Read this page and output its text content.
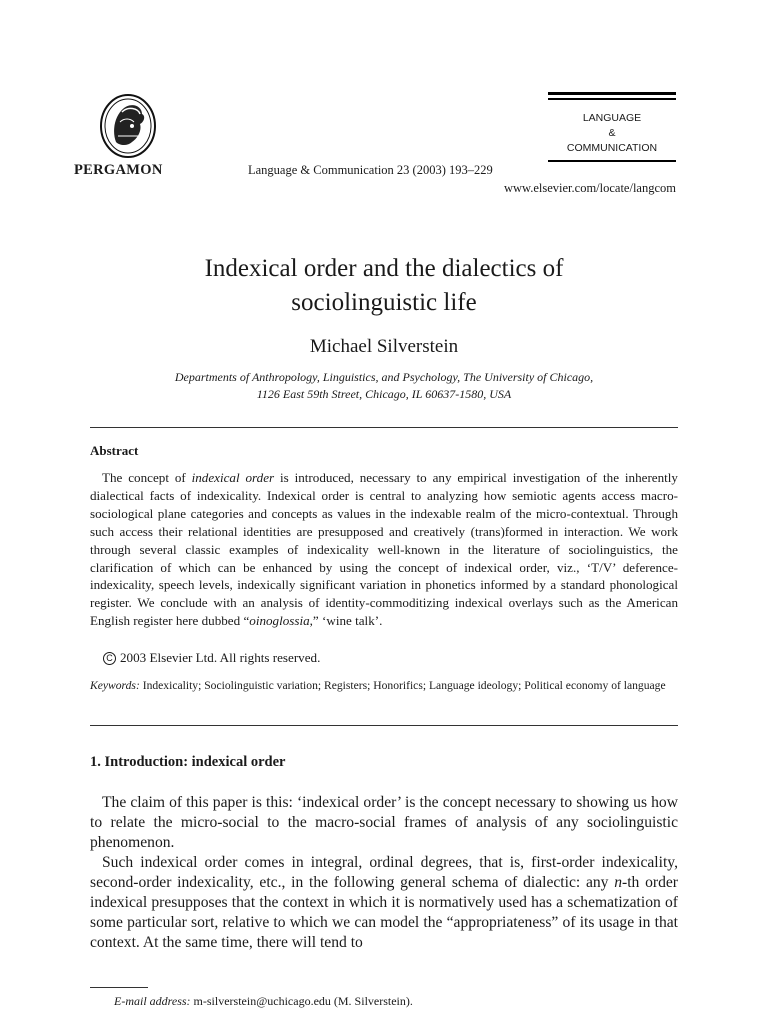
PERGAMON	Language & Communication 23 (2003) 193–229
www.elsevier.com/locate/langcom
LANGUAGE
&
COMMUNICATION
Indexical order and the dialectics of
sociolinguistic life
Michael Silverstein
Departments of Anthropology, Linguistics, and Psychology, The University of Chicago,
1126 East 59th Street, Chicago, IL 60637-1580, USA
Abstract
The concept of indexical order is introduced, necessary to any empirical investigation of the inherently dialectical facts of indexicality. Indexical order is central to analyzing how semiotic agents access macro-sociological plane categories and concepts as values in the indexable realm of the micro-contextual. Through such access their relational identities are presupposed and creatively (trans)formed in interaction. We work through several classic examples of indexicality well-known in the literature of sociolinguistics, the clarification of which can be enhanced by using the concept of indexical order, viz., ‘T/V’ deference-indexicality, speech levels, indexically significant variation in phonetics informed by a standard phonological register. We conclude with an analysis of identity-commoditizing indexical overlays such as the American English register here dubbed “oinoglossia,” ‘wine talk’.
C 2003 Elsevier Ltd. All rights reserved.
Keywords: Indexicality; Sociolinguistic variation; Registers; Honorifics; Language ideology; Political economy of language
1. Introduction: indexical order

The claim of this paper is this: ‘indexical order’ is the concept necessary to showing us how to relate the micro-social to the macro-social frames of analysis of any sociolinguistic phenomenon.

Such indexical order comes in integral, ordinal degrees, that is, first-order indexicality, second-order indexicality, etc., in the following general schema of dialectic: any n-th order indexical presupposes that the context in which it is normatively used has a schematization of some particular sort, relative to which we can model the “appropriateness” of its usage in that context. At the same time, there will tend to

E-mail address: m-silverstein@uchicago.edu (M. Silverstein).
